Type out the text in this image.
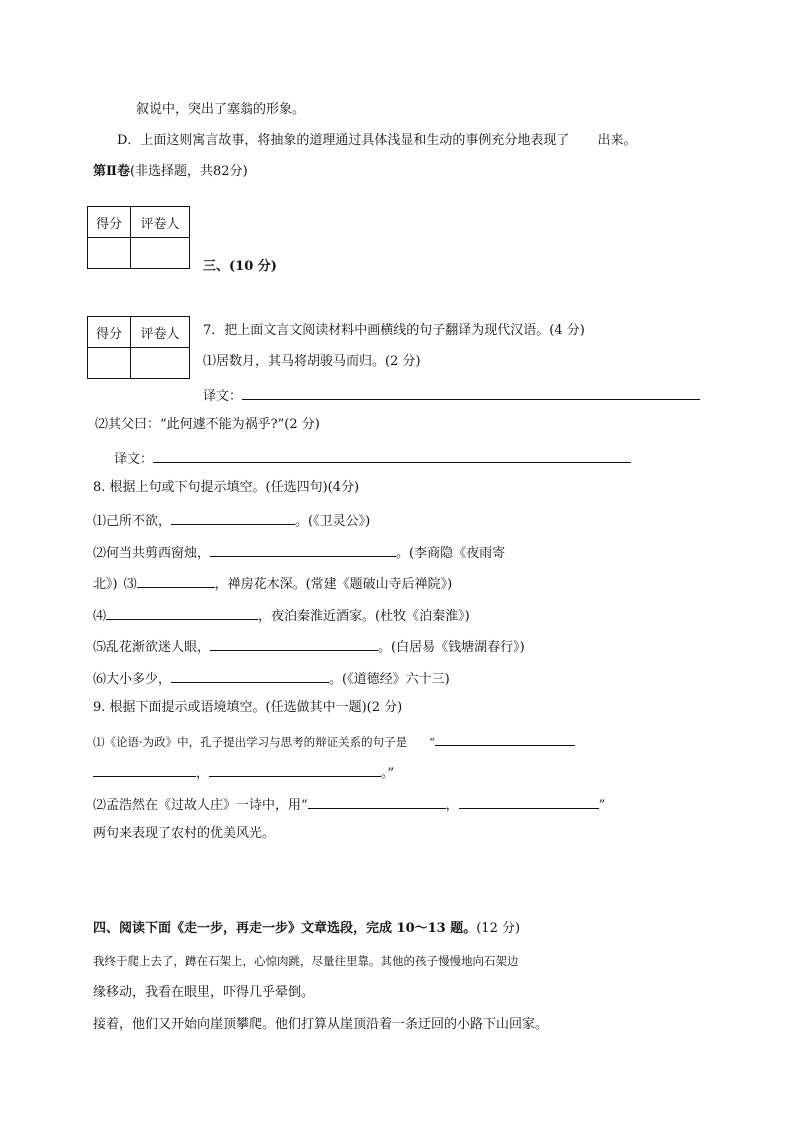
叙说中，突出了塞翁的形象。
D．上面这则寓言故事，将抽象的道理通过具体浅显和生动的事例充分地表现了 出来。
第Ⅱ卷(非选择题，共82分)
得分	评卷人

三、(10 分)
得分	评卷人
	7．把上面文言文阅读材料中画横线的句子翻译为现代汉语。(4 分)
⑴居数月，其马将胡骏马而归。(2 分)
译文：
⑵其父曰：“此何遽不能为祸乎?”(2 分)
译文：
8. 根据上句或下句提示填空。(任选四句)(4分)
⑴己所不欲，	。(《卫灵公》)
⑵何当共剪西窗烛，	。(李商隐《夜雨寄
北》) ⑶	，禅房花木深。(常建《题破山寺后禅院》)
⑷	，夜泊秦淮近酒家。(杜牧《泊秦淮》)
⑸乱花渐欲迷人眼，	。(白居易《钱塘湖春行》)
⑹大小多少，	。(《道德经》六十三)
9. 根据下面提示或语境填空。(任选做其中一题)(2 分)
⑴《论语·为政》中，孔子提出学习与思考的辩证关系的句子是 “
，	。”
⑵孟浩然在《过故人庄》一诗中，用“	，	”
两句来表现了农村的优美风光。
四、阅读下面《走一步，再走一步》文章选段，完成 10～13 题。(12 分)
我终于爬上去了，蹲在石架上，心惊肉跳，尽量往里靠。其他的孩子慢慢地向石架边
缘移动，我看在眼里，吓得几乎晕倒。
接着，他们又开始向崖顶攀爬。他们打算从崖顶沿着一条迂回的小路下山回家。
